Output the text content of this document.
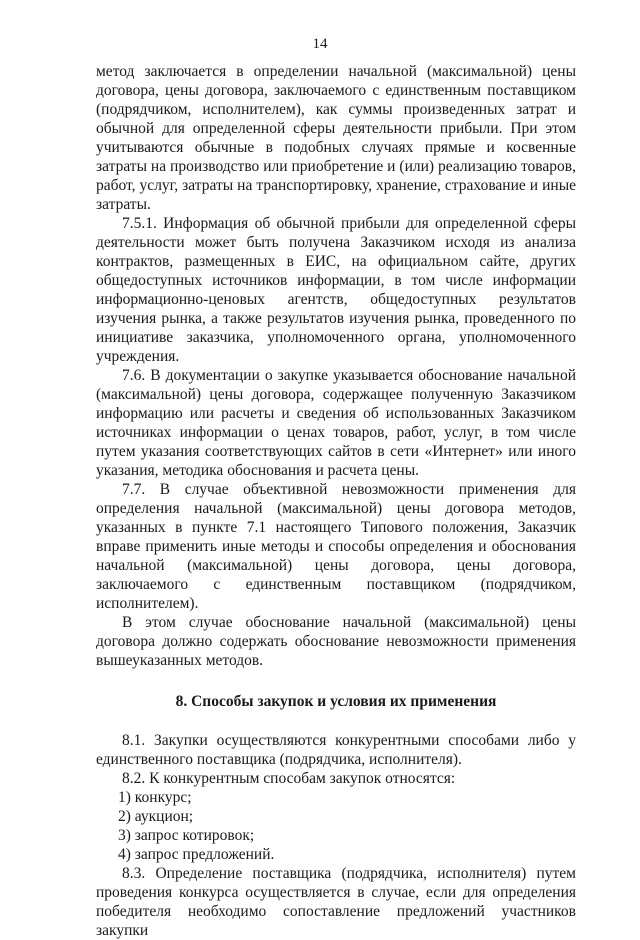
14

метод заключается в определении начальной (максимальной) цены договора, цены договора, заключаемого с единственным поставщиком (подрядчиком, исполнителем), как суммы произведенных затрат и обычной для определенной сферы деятельности прибыли. При этом учитываются обычные в подобных случаях прямые и косвенные затраты на производство или приобретение и (или) реализацию товаров, работ, услуг, затраты на транспортировку, хранение, страхование и иные затраты.

7.5.1. Информация об обычной прибыли для определенной сферы деятельности может быть получена Заказчиком исходя из анализа контрактов, размещенных в ЕИС, на официальном сайте, других общедоступных источников информации, в том числе информации информационно-ценовых агентств, общедоступных результатов изучения рынка, а также результатов изучения рынка, проведенного по инициативе заказчика, уполномоченного органа, уполномоченного учреждения.

7.6. В документации о закупке указывается обоснование начальной (максимальной) цены договора, содержащее полученную Заказчиком информацию или расчеты и сведения об использованных Заказчиком источниках информации о ценах товаров, работ, услуг, в том числе путем указания соответствующих сайтов в сети «Интернет» или иного указания, методика обоснования и расчета цены.

7.7. В случае объективной невозможности применения для определения начальной (максимальной) цены договора методов, указанных в пункте 7.1 настоящего Типового положения, Заказчик вправе применить иные методы и способы определения и обоснования начальной (максимальной) цены договора, цены договора, заключаемого с единственным поставщиком (подрядчиком, исполнителем).

В этом случае обоснование начальной (максимальной) цены договора должно содержать обоснование невозможности применения вышеуказанных методов.

8. Способы закупок и условия их применения

8.1. Закупки осуществляются конкурентными способами либо у единственного поставщика (подрядчика, исполнителя).

8.2. К конкурентным способам закупок относятся:

1) конкурс;

2) аукцион;

3) запрос котировок;

4) запрос предложений.

8.3. Определение поставщика (подрядчика, исполнителя) путем проведения конкурса осуществляется в случае, если для определения победителя необходимо сопоставление предложений участников закупки
